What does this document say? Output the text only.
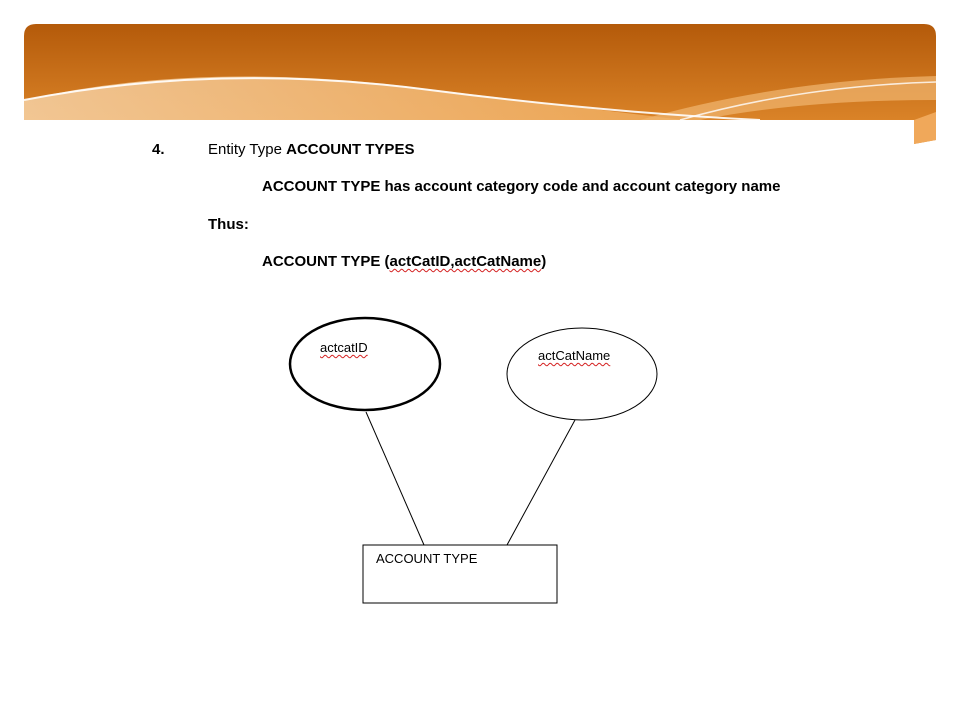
4.	Entity Type ACCOUNT TYPES
ACCOUNT TYPE has account category code and account category name
Thus:
ACCOUNT TYPE (actCatID,actCatName)
actcatID
actCatName
ACCOUNT TYPE
